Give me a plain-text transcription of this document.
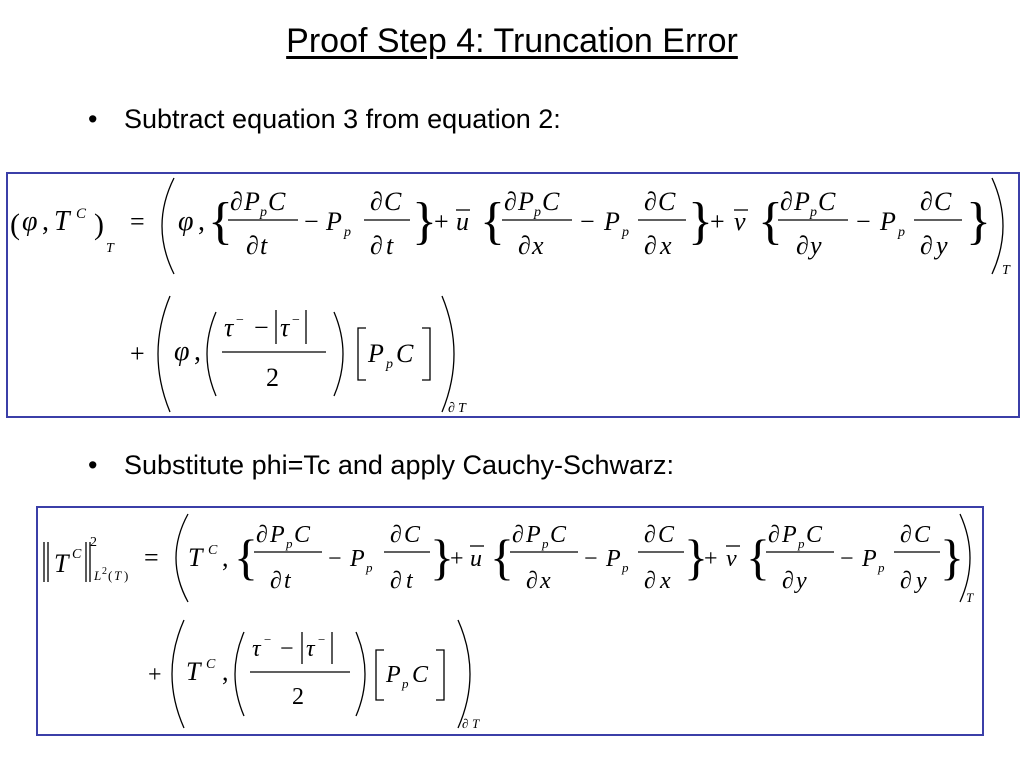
Proof Step 4: Truncation Error
• Subtract equation 3 from equation 2:
( φ , T C )
T
= φ , {
∂ P p C
∂ t
− P p
∂ C
∂ t }
+ u { ∂ P p C
∂ x
− P p
∂ C
∂ x }
+ v {
∂ P p C
∂ y
− P p
∂ C
∂ y }
T
+ φ ,
τ − − τ −
2
P p C
∂ T
• Substitute phi=Tc and apply Cauchy-Schwarz:
T C
2
L 2 ( T )
= T C , {
∂ P p C
∂ t
− P p
∂ C
∂ t }
+ u {
∂ P p C
∂ x
− P p
∂ C
∂ x }
+ v {
∂ P p C
∂ y
− P p
∂ C
∂ y }
T
+ T C ,
τ − − τ −
2
P p C
∂ T
